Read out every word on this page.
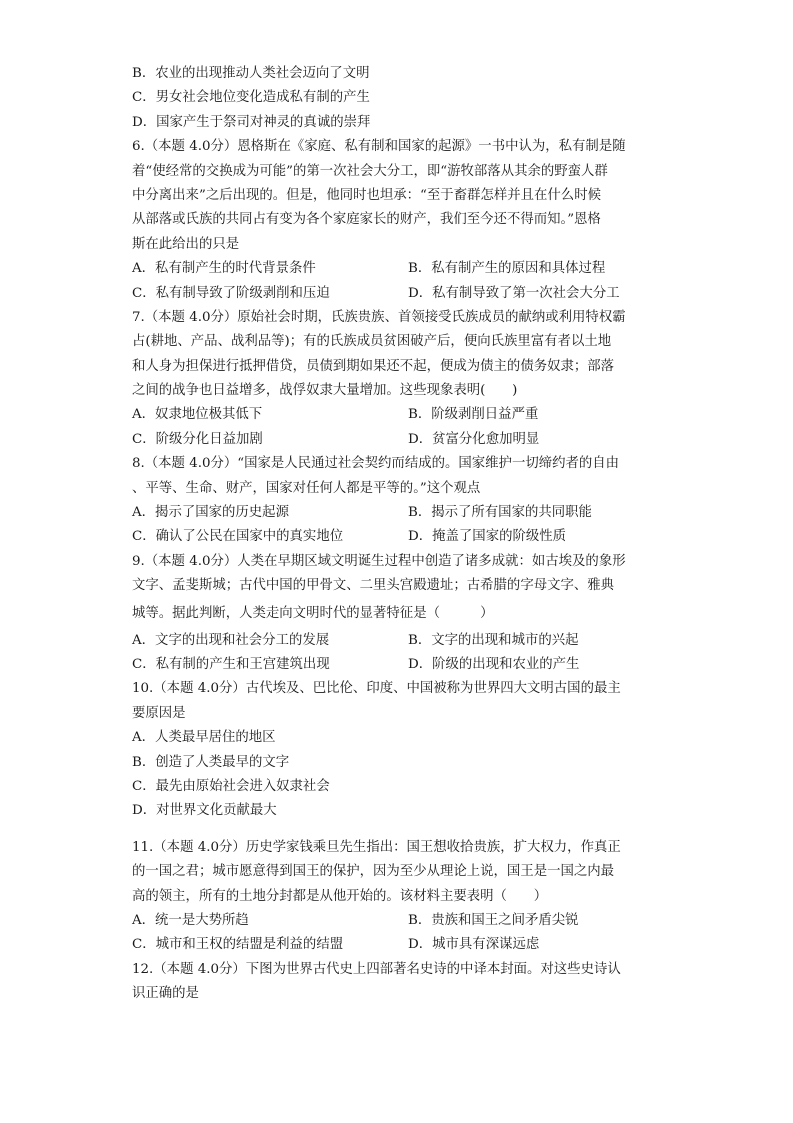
B．农业的出现推动人类社会迈向了文明
C．男女社会地位变化造成私有制的产生
D．国家产生于祭司对神灵的真诚的崇拜
6.（本题 4.0分）恩格斯在《家庭、私有制和国家的起源》一书中认为，私有制是随
着“使经常的交换成为可能”的第一次社会大分工，即“游牧部落从其余的野蛮人群
中分离出来”之后出现的。但是，他同时也坦承：“至于畜群怎样并且在什么时候
从部落或氏族的共同占有变为各个家庭家长的财产，我们至今还不得而知。”恩格
斯在此给出的只是
A．私有制产生的时代背景条件	B．私有制产生的原因和具体过程
C．私有制导致了阶级剥削和压迫	D．私有制导致了第一次社会大分工
7.（本题 4.0分）原始社会时期，氏族贵族、首领接受氏族成员的献纳或利用特权霸
占(耕地、产品、战利品等)；有的氏族成员贫困破产后，便向氏族里富有者以土地
和人身为担保进行抵押借贷，员债到期如果还不起，便成为债主的债务奴隶；部落
之间的战争也日益增多，战俘奴隶大量增加。这些现象表明(　　)
A．奴隶地位极其低下	B．阶级剥削日益严重
C．阶级分化日益加剧	D．贫富分化愈加明显
8.（本题 4.0分）“国家是人民通过社会契约而结成的。国家维护一切缔约者的自由
、平等、生命、财产，国家对任何人都是平等的。”这个观点
A．揭示了国家的历史起源	B．揭示了所有国家的共同职能
C．确认了公民在国家中的真实地位	D．掩盖了国家的阶级性质
9.（本题 4.0分）人类在早期区域文明诞生过程中创造了诸多成就：如古埃及的象形
文字、孟斐斯城；古代中国的甲骨文、二里头宫殿遗址；古希腊的字母文字、雅典
城等。据此判断，人类走向文明时代的显著特征是（　　　）
A．文字的出现和社会分工的发展	B．文字的出现和城市的兴起
C．私有制的产生和王宫建筑出现	D．阶级的出现和农业的产生
10.（本题 4.0分）古代埃及、巴比伦、印度、中国被称为世界四大文明古国的最主
要原因是
A．人类最早居住的地区
B．创造了人类最早的文字
C．最先由原始社会进入奴隶社会
D．对世界文化贡献最大
11.（本题 4.0分）历史学家钱乘旦先生指出：国王想收拾贵族，扩大权力，作真正
的一国之君；城市愿意得到国王的保护，因为至少从理论上说，国王是一国之内最
高的领主，所有的土地分封都是从他开始的。该材料主要表明（　　）
A．统一是大势所趋	B．贵族和国王之间矛盾尖锐
C．城市和王权的结盟是利益的结盟	D．城市具有深谋远虑
12.（本题 4.0分）下图为世界古代史上四部著名史诗的中译本封面。对这些史诗认
识正确的是
